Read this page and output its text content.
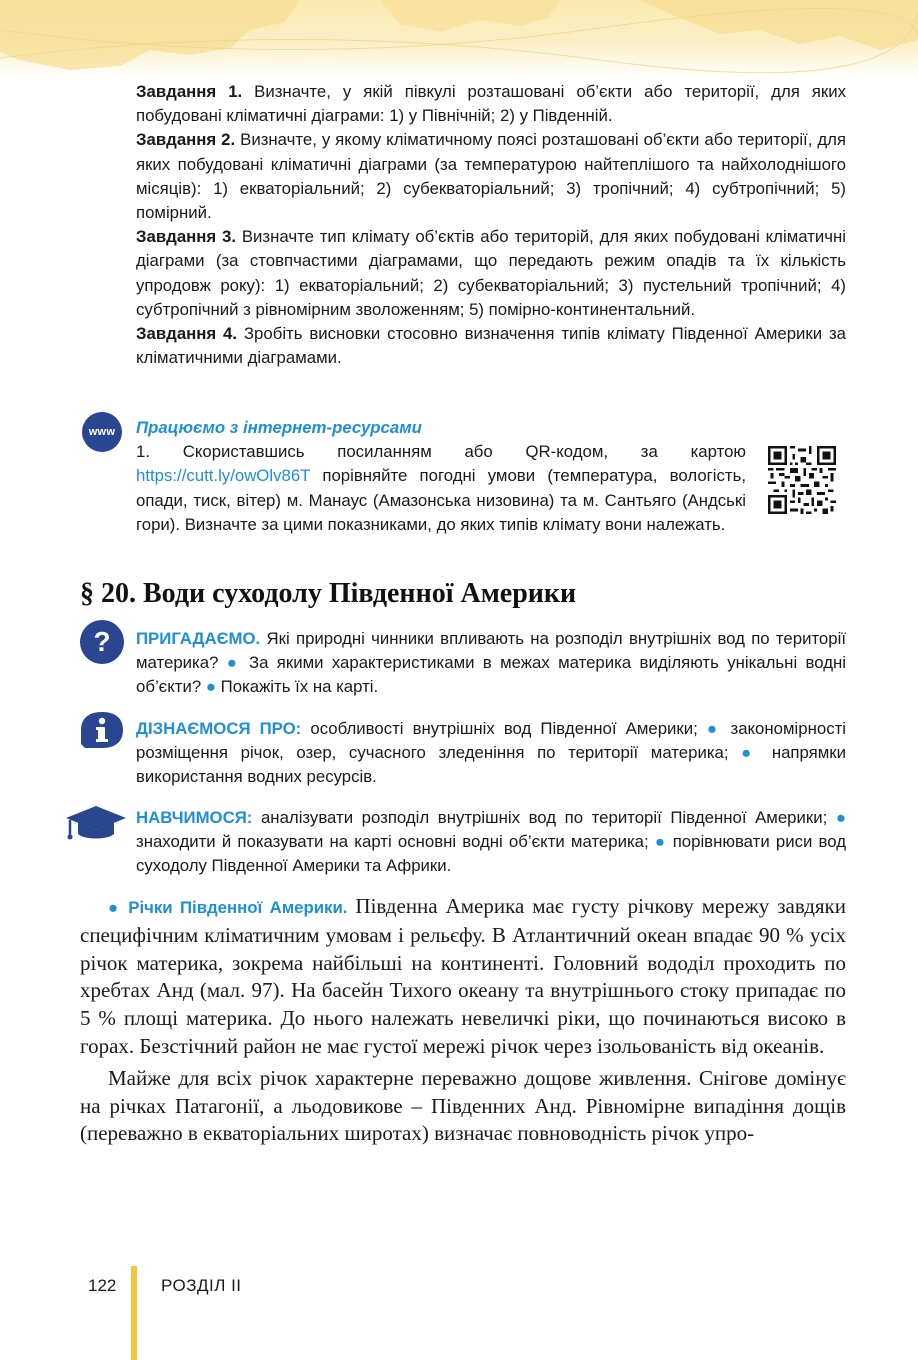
Завдання 1. Визначте, у якій півкулі розташовані об’єкти або території, для яких побудовані кліматичні діаграми: 1) у Північній; 2) у Південній.

Завдання 2. Визначте, у якому кліматичному поясі розташовані об’єкти або території, для яких побудовані кліматичні діаграми (за температурою найтеплішого та найхолоднішого місяців): 1) екваторіальний; 2) субекваторіальний; 3) тропічний; 4) субтропічний; 5) помірний.

Завдання 3. Визначте тип клімату об’єктів або територій, для яких побудовані кліматичні діаграми (за стовпчастими діаграмами, що передають режим опадів та їх кількість упродовж року): 1) екваторіальний; 2) субекваторіальний; 3) пустельний тропічний; 4) субтропічний з рівномірним зволоженням; 5) помірно-континентальний.

Завдання 4. Зробіть висновки стосовно визначення типів клімату Південної Америки за кліматичними діаграмами.

www	Працюємо з інтернет-ресурсами

1. Скориставшись посиланням або QR-кодом, за картою https://cutt.ly/owOlv86T порівняйте погодні умови (температура, вологість, опади, тиск, вітер) м. Манаус (Амазонська низовина) та м. Сантьяго (Андські гори). Визначте за цими показниками, до яких типів клімату вони належать.

§ 20. Води суходолу Південної Америки
?	ПРИГАДАЄМО. Які природні чинники впливають на розподіл внутрішніх вод по території материка? ● За якими характеристиками в межах материка виділяють унікальні водні об’єкти? ● Покажіть їх на карті.

ДІЗНАЄМОСЯ ПРО: особливості внутрішніх вод Південної Америки; ● закономірності розміщення річок, озер, сучасного зледеніння по території материка; ● напрямки використання водних ресурсів.

НАВЧИМОСЯ: аналізувати розподіл внутрішніх вод по території Південної Америки; ● знаходити й показувати на карті основні водні об’єкти материка; ● порівнювати риси вод суходолу Південної Америки та Африки.

● Річки Південної Америки. Південна Америка має густу річкову мережу завдяки специфічним кліматичним умовам і рельєфу. В Атлантичний океан впадає 90 % усіх річок материка, зокрема найбільші на континенті. Головний вододіл проходить по хребтах Анд (мал. 97). На басейн Тихого океану та внутрішнього стоку припадає по 5 % площі материка. До нього належать невеличкі ріки, що починаються високо в горах. Безстічний район не має густої мережі річок через ізольованість від океанів.

Майже для всіх річок характерне переважно дощове живлення. Снігове домінує на річках Патагонії, а льодовикове – Південних Анд. Рівномірне випадіння дощів (переважно в екваторіальних широтах) визначає повноводність річок упро-

122	РОЗДІЛ II
